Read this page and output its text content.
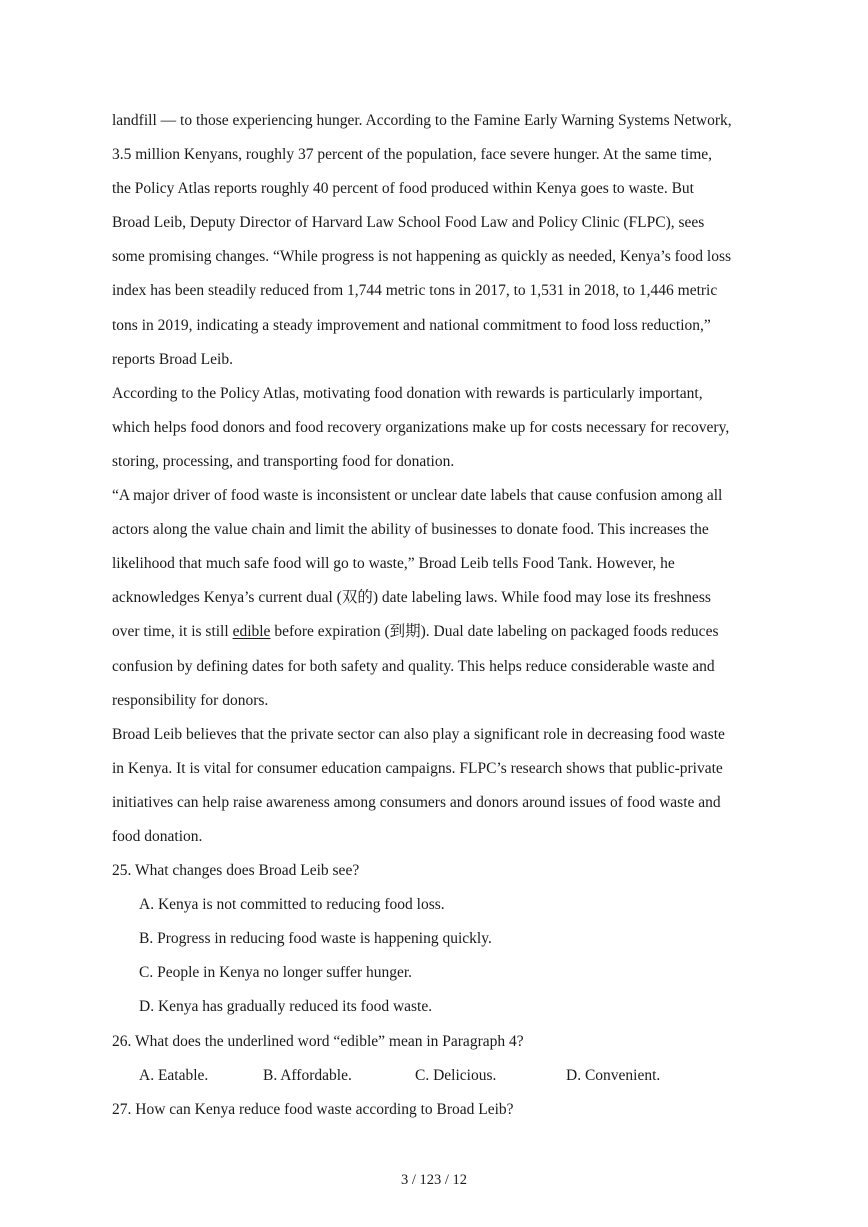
landfill — to those experiencing hunger. According to the Famine Early Warning Systems Network,
3.5 million Kenyans, roughly 37 percent of the population, face severe hunger. At the same time,
the Policy Atlas reports roughly 40 percent of food produced within Kenya goes to waste. But
Broad Leib, Deputy Director of Harvard Law School Food Law and Policy Clinic (FLPC), sees
some promising changes. “While progress is not happening as quickly as needed, Kenya’s food loss
index has been steadily reduced from 1,744 metric tons in 2017, to 1,531 in 2018, to 1,446 metric
tons in 2019, indicating a steady improvement and national commitment to food loss reduction,”
reports Broad Leib.
According to the Policy Atlas, motivating food donation with rewards is particularly important,
which helps food donors and food recovery organizations make up for costs necessary for recovery,
storing, processing, and transporting food for donation.
“A major driver of food waste is inconsistent or unclear date labels that cause confusion among all
actors along the value chain and limit the ability of businesses to donate food. This increases the
likelihood that much safe food will go to waste,” Broad Leib tells Food Tank. However, he
acknowledges Kenya’s current dual (双的) date labeling laws. While food may lose its freshness
over time, it is still edible before expiration (到期). Dual date labeling on packaged foods reduces
confusion by defining dates for both safety and quality. This helps reduce considerable waste and
responsibility for donors.
Broad Leib believes that the private sector can also play a significant role in decreasing food waste
in Kenya. It is vital for consumer education campaigns. FLPC’s research shows that public-private
initiatives can help raise awareness among consumers and donors around issues of food waste and
food donation.
25. What changes does Broad Leib see?
A. Kenya is not committed to reducing food loss.
B. Progress in reducing food waste is happening quickly.
C. People in Kenya no longer suffer hunger.
D. Kenya has gradually reduced its food waste.
26. What does the underlined word “edible” mean in Paragraph 4?
A. Eatable.	B. Affordable.	C. Delicious.	D. Convenient.
27. How can Kenya reduce food waste according to Broad Leib?
3 / 123 / 12
